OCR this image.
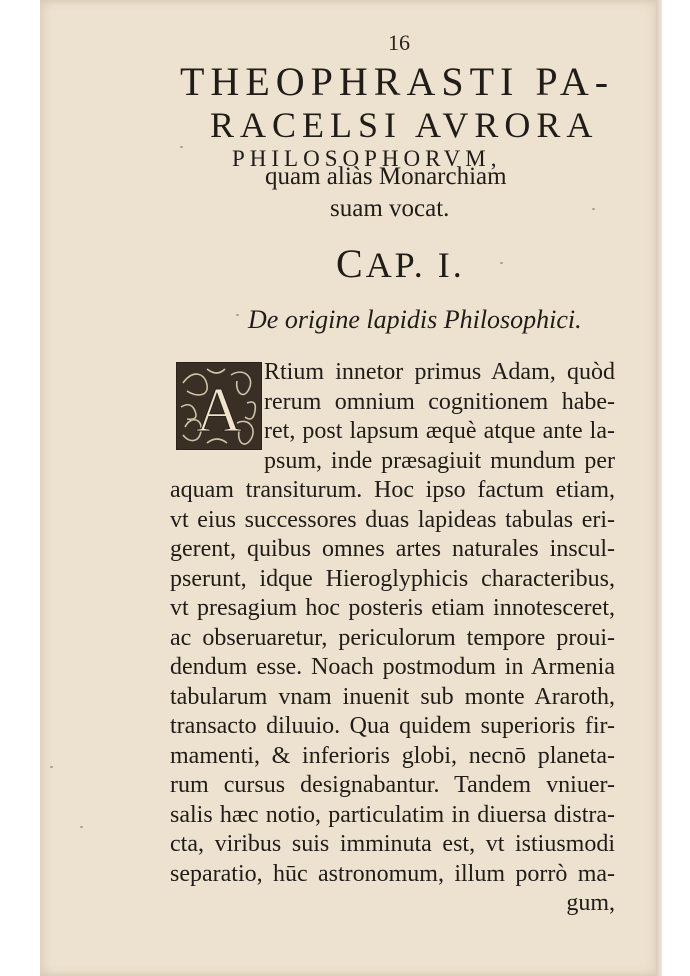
16
THEOPHRASTI PA-
RACELSI AVRORA
PHILOSOPHORVM,
quam aliàs Monarchiam
suam vocat.
CAP. I.
De origine lapidis Philosophici.
A
Rtium innetor primus Adam, quòd
rerum omnium cognitionem habe-
ret, post lapsum æquè atque ante la-
psum, inde præsagiuit mundum per
aquam transiturum. Hoc ipso factum etiam,
vt eius successores duas lapideas tabulas eri-
gerent, quibus omnes artes naturales inscul-
pserunt, idque Hieroglyphicis characteribus,
vt presagium hoc posteris etiam innotesceret,
ac obseruaretur, periculorum tempore proui-
dendum esse. Noach postmodum in Armenia
tabularum vnam inuenit sub monte Araroth,
transacto diluuio. Qua quidem superioris fir-
mamenti, & inferioris globi, necnō planeta-
rum cursus designabantur. Tandem vniuer-
salis hæc notio, particulatim in diuersa distra-
cta, viribus suis imminuta est, vt istiusmodi
separatio, hūc astronomum, illum porrò ma-
gum,
